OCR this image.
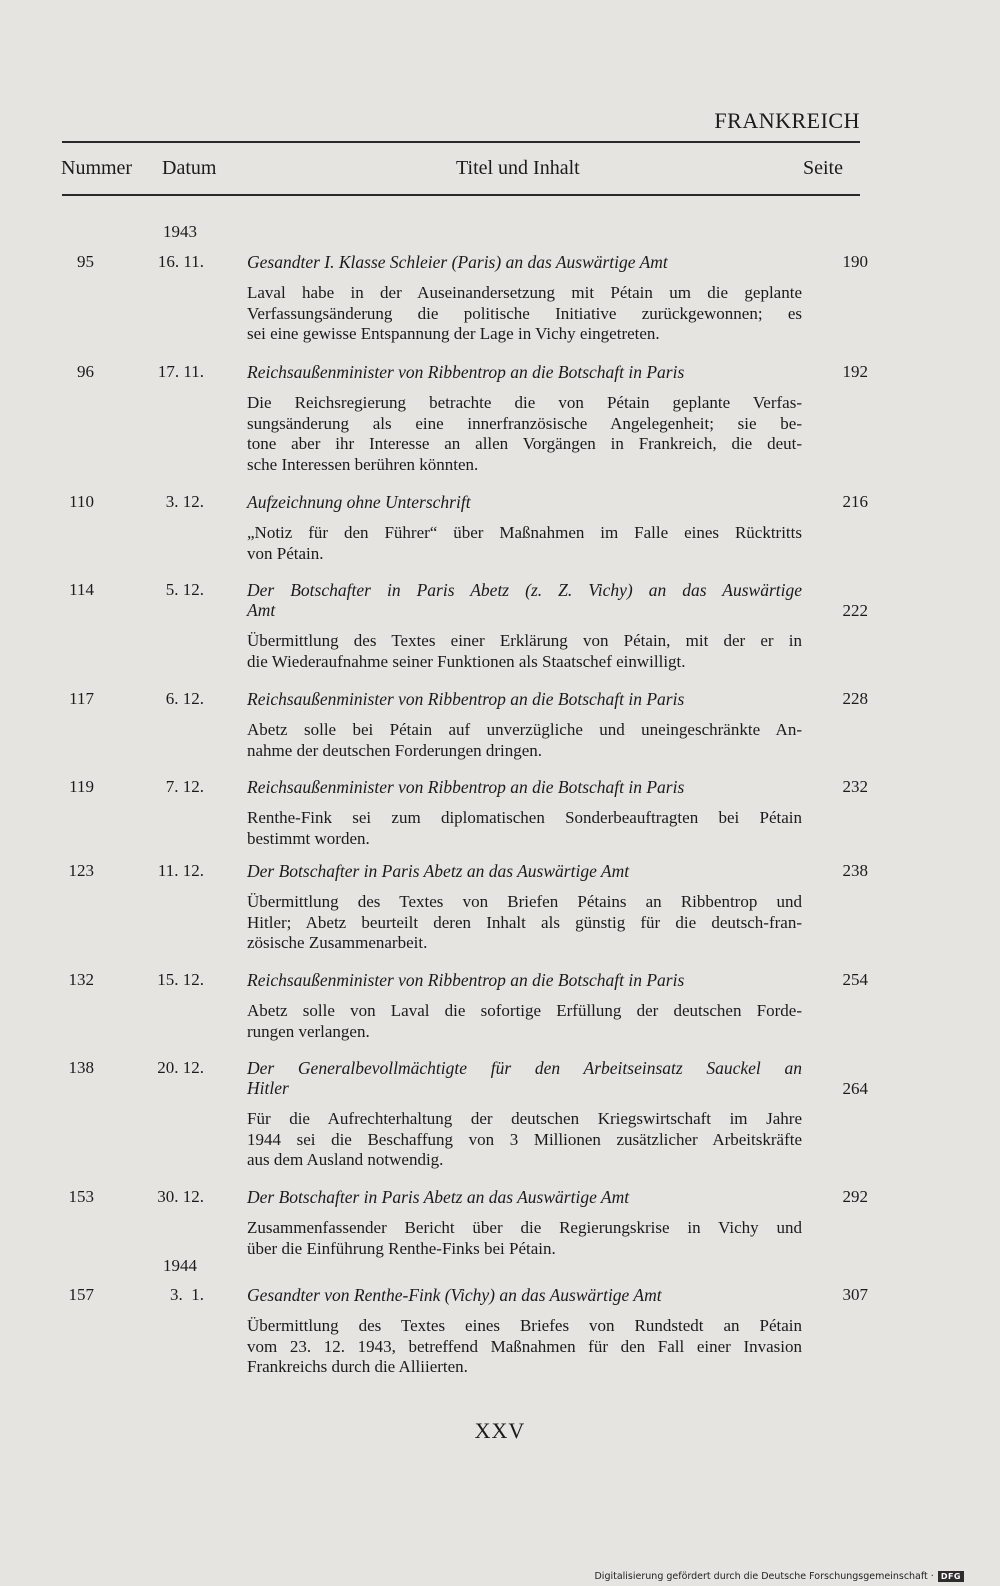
FRANKREICH
Nummer Datum	Titel und Inhalt	Seite
1943
1944
95	16. 11. Gesandter I. Klasse Schleier (Paris) an das Auswärtige Amt	190
Laval habe in der Auseinandersetzung mit Pétain um die geplante
Verfassungsänderung die politische Initiative zurückgewonnen; es
sei eine gewisse Entspannung der Lage in Vichy eingetreten.
96	17. 11. Reichsaußenminister von Ribbentrop an die Botschaft in Paris	192
Die Reichsregierung betrachte die von Pétain geplante Verfas-
sungsänderung als eine innerfranzösische Angelegenheit; sie be-
tone aber ihr Interesse an allen Vorgängen in Frankreich, die deut-
sche Interessen berühren könnten.
110	3. 12. Aufzeichnung ohne Unterschrift	216
„Notiz für den Führer“ über Maßnahmen im Falle eines Rücktritts
von Pétain.
114	5. 12. Der Botschafter in Paris Abetz (z. Z. Vichy) an das Auswärtige
Amt	222
Übermittlung des Textes einer Erklärung von Pétain, mit der er in
die Wiederaufnahme seiner Funktionen als Staatschef einwilligt.
117	6. 12. Reichsaußenminister von Ribbentrop an die Botschaft in Paris	228
Abetz solle bei Pétain auf unverzügliche und uneingeschränkte An-
nahme der deutschen Forderungen dringen.
119	7. 12. Reichsaußenminister von Ribbentrop an die Botschaft in Paris	232
Renthe-Fink sei zum diplomatischen Sonderbeauftragten bei Pétain
bestimmt worden.
123	11. 12. Der Botschafter in Paris Abetz an das Auswärtige Amt	238
Übermittlung des Textes von Briefen Pétains an Ribbentrop und
Hitler; Abetz beurteilt deren Inhalt als günstig für die deutsch-fran-
zösische Zusammenarbeit.
132	15. 12. Reichsaußenminister von Ribbentrop an die Botschaft in Paris	254
Abetz solle von Laval die sofortige Erfüllung der deutschen Forde-
rungen verlangen.
138	20. 12. Der Generalbevollmächtigte für den Arbeitseinsatz Sauckel an
Hitler	264
Für die Aufrechterhaltung der deutschen Kriegswirtschaft im Jahre
1944 sei die Beschaffung von 3 Millionen zusätzlicher Arbeitskräfte
aus dem Ausland notwendig.
153	30. 12. Der Botschafter in Paris Abetz an das Auswärtige Amt	292
Zusammenfassender Bericht über die Regierungskrise in Vichy und
über die Einführung Renthe-Finks bei Pétain.
157	3.  1. Gesandter von Renthe-Fink (Vichy) an das Auswärtige Amt	307
Übermittlung des Textes eines Briefes von Rundstedt an Pétain
vom 23. 12. 1943, betreffend Maßnahmen für den Fall einer Invasion
Frankreichs durch die Alliierten.
XXV
Digitalisierung gefördert durch die Deutsche Forschungsgemeinschaft · DFG
